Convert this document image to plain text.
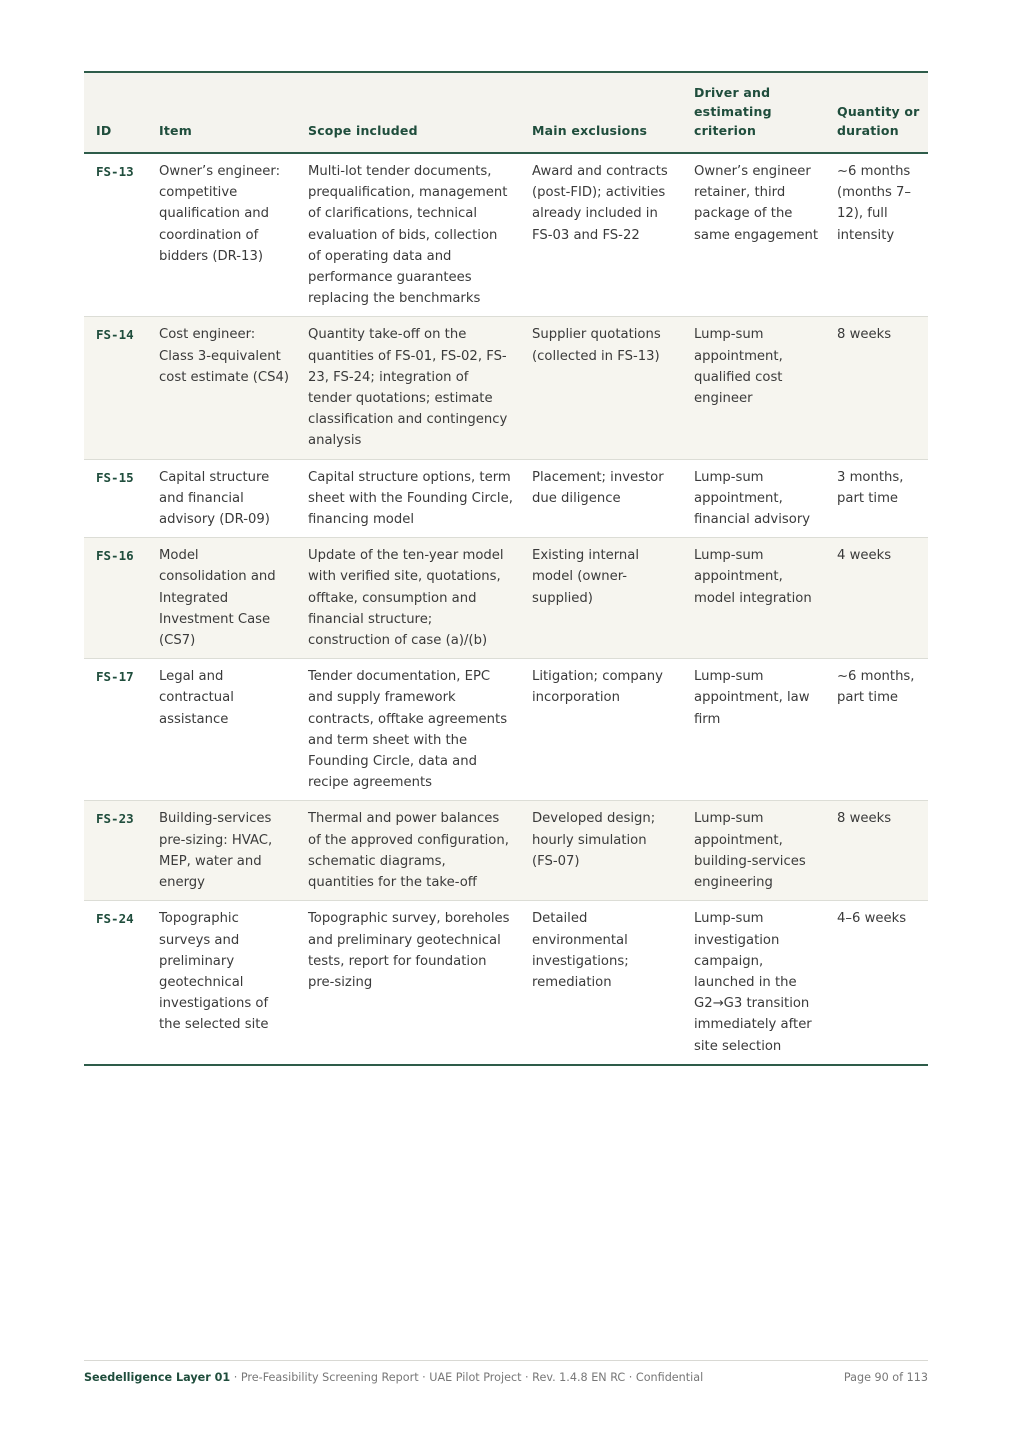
ID	Item	Scope included	Main exclusions	Driver and estimating criterion	Quantity or duration
FS-13	Owner’s engineer: competitive qualification and coordination of bidders (DR-13)	Multi-lot tender documents, prequalification, management of clarifications, technical evaluation of bids, collection of operating data and performance guarantees replacing the benchmarks	Award and contracts (post-FID); activities already included in FS-03 and FS-22	Owner’s engineer retainer, third package of the same engagement	~6 months (months 7–12), full intensity
FS-14	Cost engineer: Class 3-equivalent cost estimate (CS4)	Quantity take-off on the quantities of FS-01, FS-02, FS-23, FS-24; integration of tender quotations; estimate classification and contingency analysis	Supplier quotations (collected in FS-13)	Lump-sum appointment, qualified cost engineer	8 weeks
FS-15	Capital structure and financial advisory (DR-09)	Capital structure options, term sheet with the Founding Circle, financing model	Placement; investor due diligence	Lump-sum appointment, financial advisory	3 months, part time
FS-16	Model consolidation and Integrated Investment Case (CS7)	Update of the ten-year model with verified site, quotations, offtake, consumption and financial structure; construction of case (a)/(b)	Existing internal model (owner-supplied)	Lump-sum appointment, model integration	4 weeks
FS-17	Legal and contractual assistance	Tender documentation, EPC and supply framework contracts, offtake agreements and term sheet with the Founding Circle, data and recipe agreements	Litigation; company incorporation	Lump-sum appointment, law firm	~6 months, part time
FS-23	Building-services pre-sizing: HVAC, MEP, water and energy	Thermal and power balances of the approved configuration, schematic diagrams, quantities for the take-off	Developed design; hourly simulation (FS-07)	Lump-sum appointment, building-services engineering	8 weeks
FS-24	Topographic surveys and preliminary geotechnical investigations of the selected site	Topographic survey, boreholes and preliminary geotechnical tests, report for foundation pre-sizing	Detailed environmental investigations; remediation	Lump-sum investigation campaign, launched in the G2→G3 transition immediately after site selection	4–6 weeks
Seedelligence Layer 01 · Pre-Feasibility Screening Report · UAE Pilot Project · Rev. 1.4.8 EN RC · Confidential	Page 90 of 113
